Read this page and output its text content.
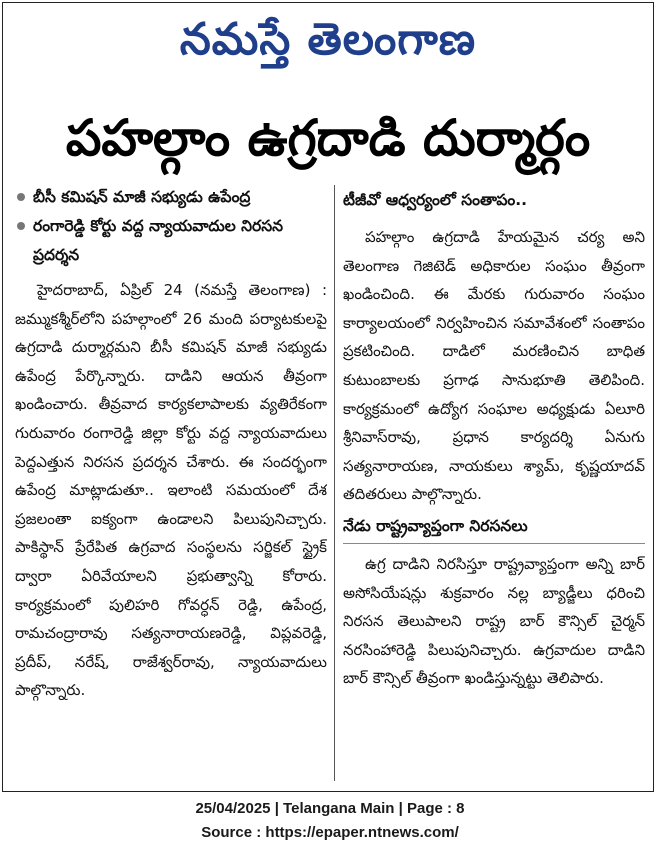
నమస్తే తెలంగాణ
పహల్గాం ఉగ్రదాడి దుర్మార్గం
బీసీ కమిషన్ మాజీ సభ్యుడు ఉపేంద్ర
రంగారెడ్డి కోర్టు వద్ద న్యాయవాదుల నిరసన ప్రదర్శన

హైదరాబాద్, ఏప్రిల్ 24 (నమస్తే తెలంగాణ) : జమ్ముకశ్మీర్‌లోని పహల్గాంలో 26 మంది పర్యాటకులపై ఉగ్రదాడి దుర్మార్గమని బీసీ కమిషన్ మాజీ సభ్యుడు ఉపేంద్ర పేర్కొన్నారు. దాడిని ఆయన తీవ్రంగా ఖండించారు. తీవ్రవాద కార్యకలాపాలకు వ్యతిరేకంగా గురువారం రంగారెడ్డి జిల్లా కోర్టు వద్ద న్యాయవాదులు పెద్దఎత్తున నిరసన ప్రదర్శన చేశారు. ఈ సందర్భంగా ఉపేంద్ర మాట్లాడుతూ.. ఇలాంటి సమయంలో దేశ ప్రజలంతా ఐక్యంగా ఉండాలని పిలుపునిచ్చారు. పాకిస్థాన్ ప్రేరేపిత ఉగ్రవాద సంస్థలను సర్జికల్ స్ట్రైక్ ద్వారా ఏరివేయాలని ప్రభుత్వాన్ని కోరారు. కార్యక్రమంలో పులిహరి గోవర్ధన్ రెడ్డి, ఉపేంద్ర, రామచంద్రారావు సత్యనారాయణరెడ్డి, విప్లవరెడ్డి, ప్రదీప్, నరేష్, రాజేశ్వర్‌రావు, న్యాయవాదులు పాల్గొన్నారు.

టీజీవో ఆధ్వర్యంలో సంతాపం..

పహల్గాం ఉగ్రదాడి హేయమైన చర్య అని తెలంగాణ గెజిటెడ్ అధికారుల సంఘం తీవ్రంగా ఖండించింది. ఈ మేరకు గురువారం సంఘం కార్యాలయంలో నిర్వహించిన సమావేశంలో సంతాపం ప్రకటించింది. దాడిలో మరణించిన బాధిత కుటుంబాలకు ప్రగాఢ సానుభూతి తెలిపింది. కార్యక్రమంలో ఉద్యోగ సంఘాల అధ్యక్షుడు ఏలూరి శ్రీనివాస్‌రావు, ప్రధాన కార్యదర్శి ఏనుగు సత్యనారాయణ, నాయకులు శ్యామ్, కృష్ణయాదవ్ తదితరులు పాల్గొన్నారు.

నేడు రాష్ట్రవ్యాప్తంగా నిరసనలు

ఉగ్ర దాడిని నిరసిస్తూ రాష్ట్రవ్యాప్తంగా అన్ని బార్ అసోసియేషన్లు శుక్రవారం నల్ల బ్యాడ్జీలు ధరించి నిరసన తెలుపాలని రాష్ట్ర బార్ కౌన్సిల్ చైర్మన్ నరసింహారెడ్డి పిలుపునిచ్చారు. ఉగ్రవాదుల దాడిని బార్ కౌన్సిల్ తీవ్రంగా ఖండిస్తున్నట్టు తెలిపారు.

25/04/2025 | Telangana Main | Page : 8
Source : https://epaper.ntnews.com/
